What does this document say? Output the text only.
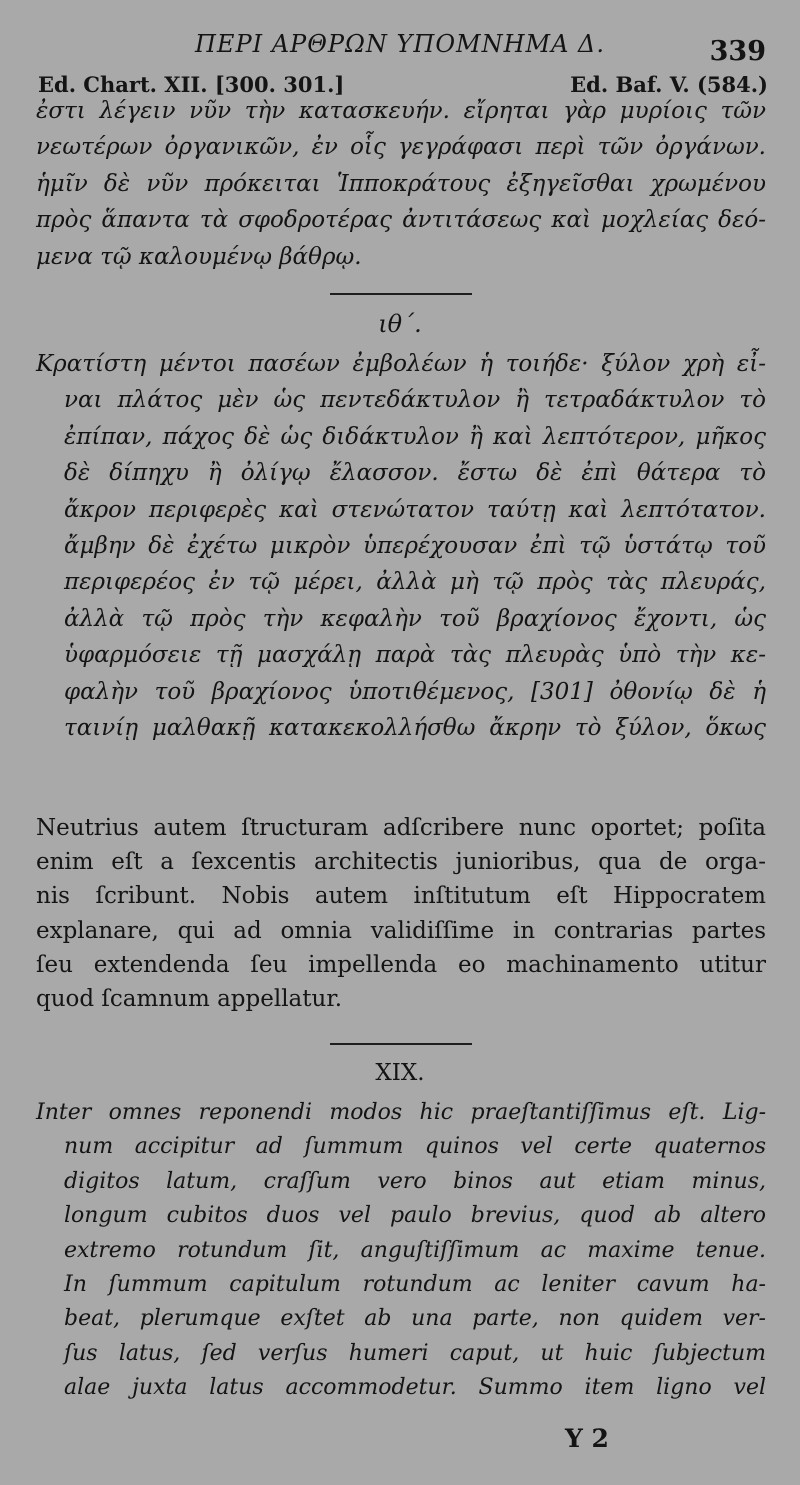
ΠΕΡΙ ΑΡΘΡΩΝ ΥΠΟΜΝΗΜΑ Δ.	339
Ed. Chart. XII. [300. 301.]	Ed. Baf. V. (584.)
ἐστι λέγειν νῦν τὴν κατασκευήν. εἴρηται γὰρ μυρίοις τῶν
νεωτέρων ὀργανικῶν, ἐν οἷς γεγράφασι περὶ τῶν ὀργάνων.
ἡμῖν δὲ νῦν πρόκειται Ἱπποκράτους ἐξηγεῖσθαι χρωμένου
πρὸς ἅπαντα τὰ σφοδροτέρας ἀντιτάσεως καὶ μοχλείας δεό-
μενα τῷ καλουμένῳ βάθρῳ.
ιθ΄.
Κρατίστη μέντοι πασέων ἐμβολέων ἡ τοιήδε· ξύλον χρὴ εἶ-
ναι πλάτος μὲν ὡς πεντεδάκτυλον ἢ τετραδάκτυλον τὸ
ἐπίπαν, πάχος δὲ ὡς διδάκτυλον ἢ καὶ λεπτότερον, μῆκος
δὲ δίπηχυ ἢ ὀλίγῳ ἔλασσον. ἔστω δὲ ἐπὶ θάτερα τὸ
ἄκρον περιφερὲς καὶ στενώτατον ταύτῃ καὶ λεπτότατον.
ἄμβην δὲ ἐχέτω μικρὸν ὑπερέχουσαν ἐπὶ τῷ ὑστάτῳ τοῦ
περιφερέος ἐν τῷ μέρει, ἀλλὰ μὴ τῷ πρὸς τὰς πλευράς,
ἀλλὰ τῷ πρὸς τὴν κεφαλὴν τοῦ βραχίονος ἔχοντι, ὡς
ὑφαρμόσειε τῇ μασχάλῃ παρὰ τὰς πλευρὰς ὑπὸ τὴν κε-
φαλὴν τοῦ βραχίονος ὑποτιθέμενος, [301] ὀθονίῳ δὲ ἡ
ταινίῃ μαλθακῇ κατακεκολλήσθω ἄκρην τὸ ξύλον, ὅκως
Neutrius autem ſtructuram adſcribere nunc oportet; poſita
enim eſt a ſexcentis architectis junioribus, qua de orga-
nis ſcribunt. Nobis autem inſtitutum eſt Hippocratem
explanare, qui ad omnia validiſſime in contrarias partes
ſeu extendenda ſeu impellenda eo machinamento utitur
quod ſcamnum appellatur.
XIX.
Inter omnes reponendi modos hic praeſtantiſſimus eſt. Lig-
num accipitur ad ſummum quinos vel certe quaternos
digitos latum, craſſum vero binos aut etiam minus,
longum cubitos duos vel paulo brevius, quod ab altero
extremo rotundum ſit, anguſtiſſimum ac maxime tenue.
In ſummum capitulum rotundum ac leniter cavum ha-
beat, plerumque exſtet ab una parte, non quidem ver-
ſus latus, ſed verſus humeri caput, ut huic ſubjectum
alae juxta latus accommodetur. Summo item ligno vel
Y 2
